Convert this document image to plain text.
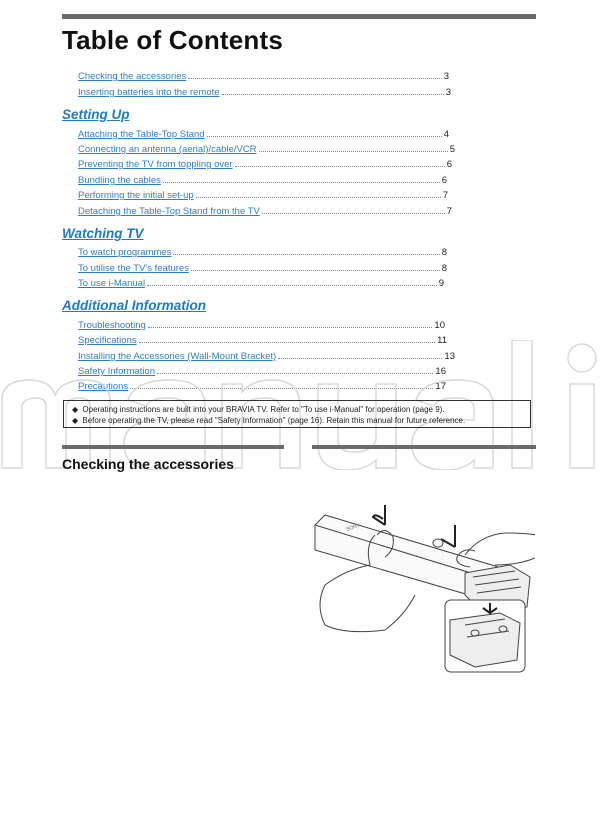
Table of Contents
Checking the accessories	3
Inserting batteries into the remote	3
Setting Up
Attaching the Table-Top Stand	4
Connecting an antenna (aerial)/cable/VCR	5
Preventing the TV from toppling over	6
Bundling the cables	6
Performing the initial set-up	7
Detaching the Table-Top Stand from the TV	7
Watching TV
To watch programmes	8
To utilise the TV's features	8
To use i-Manual	9
Additional Information
Troubleshooting	10
Specifications	11
Installing the Accessories (Wall-Mount Bracket)	13
Safety Information	16
Precautions	17
◆ Operating instructions are built into your BRAVIA TV. Refer to "To use i-Manual" for operation (page 9).
◆ Before operating the TV, please read "Safety Information" (page 16). Retain this manual for future reference.
Checking the accessories
SONY
